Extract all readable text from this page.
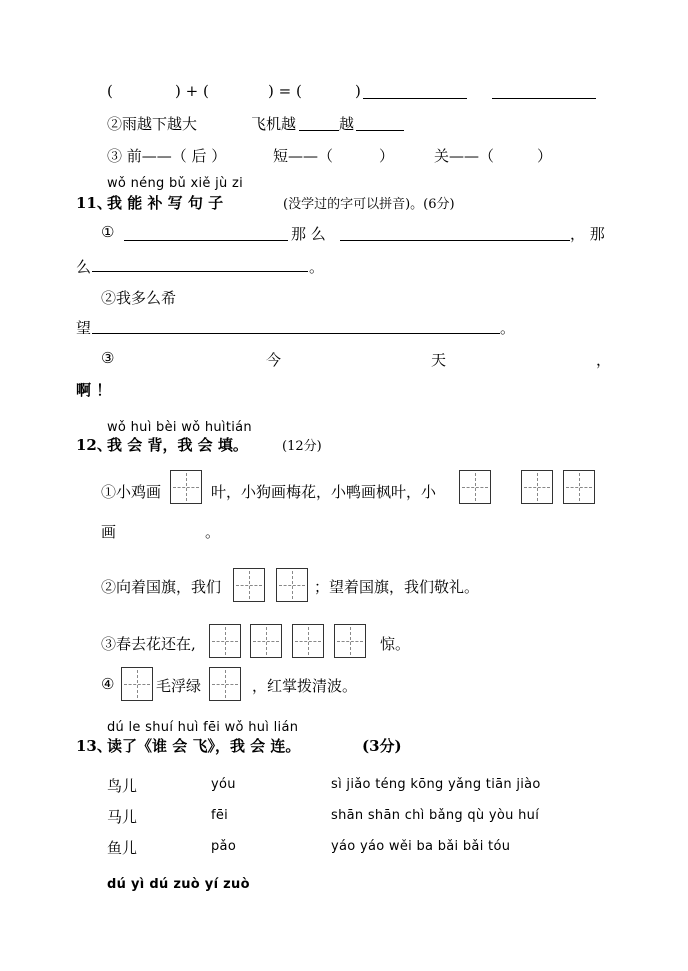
(	) + (	) = (	)
②雨越下越大	飞机越	越
③ 前——（ 后 ）	短——（	）	关——（	）
wǒ néng bǔ xiě jù zi
11、
我 能 补 写 句 子	(没学过的字可以拼音)。(6分)
①	那 么	， 那
么	。
②我多么希
望	。
③	今	天	，
啊 ！
wǒ huì bèi wǒ huìtián
12、
我 会 背，我 会 填。	(12分)
①小鸡画	叶，小狗画梅花，小鸭画枫叶，小
画	。
②向着国旗，我们	；望着国旗，我们敬礼。
③春去花还在,	惊。
④	毛浮绿	，红掌拨清波。
dú le shuí huì fēi wǒ huì lián
13、
读了《谁 会 飞》，我 会 连。	(3分)
鸟儿	yóu	sì jiǎo téng kōng yǎng tiān jiào
马儿	fēi	shān shān chì bǎng qù yòu huí
鱼儿	pǎo	yáo yáo wěi ba bǎi bǎi tóu
dú yì dú zuò yí zuò
